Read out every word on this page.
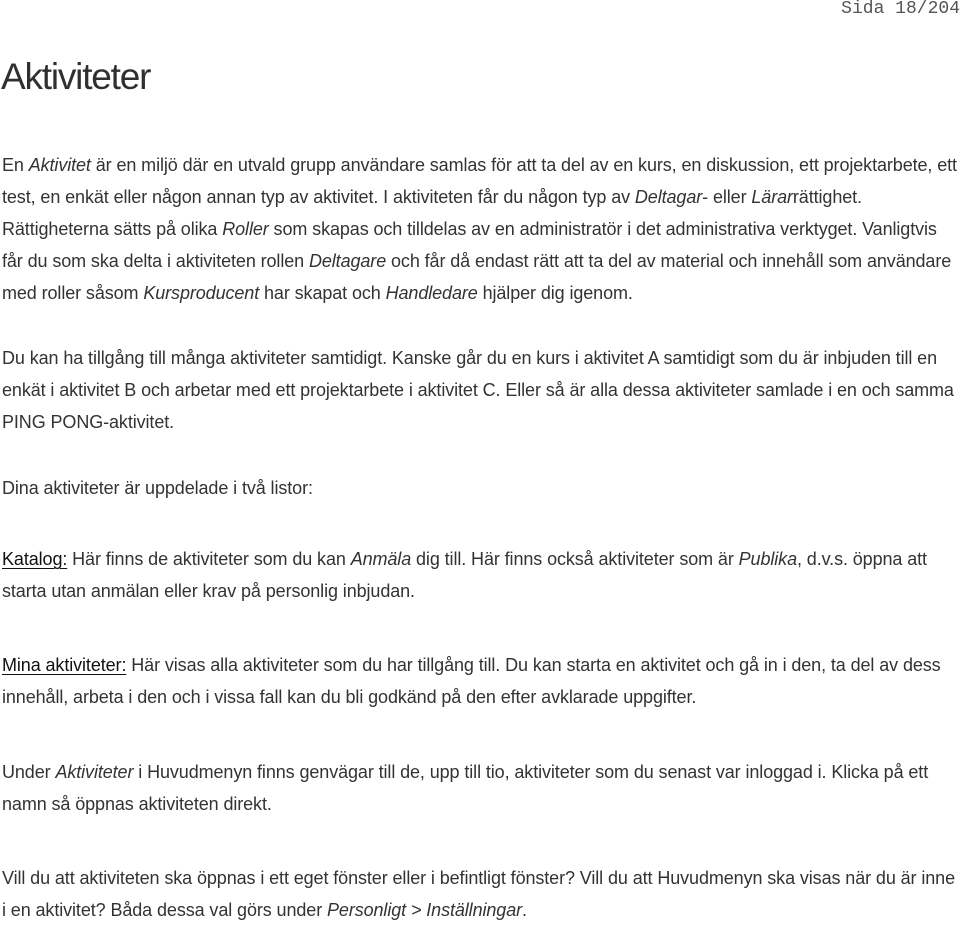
Sida 18/204
Aktiviteter

En Aktivitet är en miljö där en utvald grupp användare samlas för att ta del av en kurs, en diskussion, ett projektarbete, ett test, en enkät eller någon annan typ av aktivitet. I aktiviteten får du någon typ av Deltagar- eller Lärarrättighet. Rättigheterna sätts på olika Roller som skapas och tilldelas av en administratör i det administrativa verktyget. Vanligtvis får du som ska delta i aktiviteten rollen Deltagare och får då endast rätt att ta del av material och innehåll som användare med roller såsom Kursproducent har skapat och Handledare hjälper dig igenom.

Du kan ha tillgång till många aktiviteter samtidigt. Kanske går du en kurs i aktivitet A samtidigt som du är inbjuden till en enkät i aktivitet B och arbetar med ett projektarbete i aktivitet C. Eller så är alla dessa aktiviteter samlade i en och samma PING PONG-aktivitet.

Dina aktiviteter är uppdelade i två listor:

Katalog: Här finns de aktiviteter som du kan Anmäla dig till. Här finns också aktiviteter som är Publika, d.v.s. öppna att starta utan anmälan eller krav på personlig inbjudan.

Mina aktiviteter: Här visas alla aktiviteter som du har tillgång till. Du kan starta en aktivitet och gå in i den, ta del av dess innehåll, arbeta i den och i vissa fall kan du bli godkänd på den efter avklarade uppgifter.

Under Aktiviteter i Huvudmenyn finns genvägar till de, upp till tio, aktiviteter som du senast var inloggad i. Klicka på ett namn så öppnas aktiviteten direkt.

Vill du att aktiviteten ska öppnas i ett eget fönster eller i befintligt fönster? Vill du att Huvudmenyn ska visas när du är inne i en aktivitet? Båda dessa val görs under Personligt > Inställningar.
